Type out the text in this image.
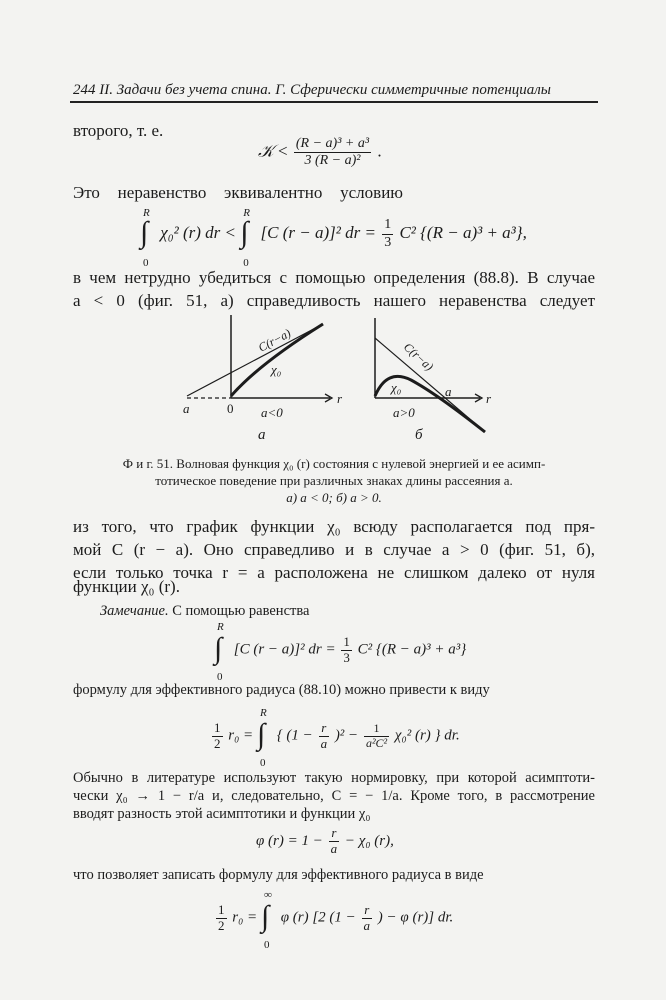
244 II. Задачи без учета спина. Г. Сферически симметричные потенциалы
второго, т. е.
𝒦 < $\frac{\text{(R − a)³ + a³}}{\text{3 (R − a)²}}$ .
Это неравенство эквивалентно условию
R
∫
0
χ₀² (r) dr <
R
∫
0
[C (r − a)]² dr = $\frac{1}{3} C^2$ {(R − a)³ + a³},
в чем нетрудно убедиться с помощью определения (88.8). В случае
a < 0 (фиг. 51, a) справедливость нашего неравенства следует
C(r−a)
χ₀
r
a	0 a<0
a
C(r−a)
χ₀	a	r
a>0
б
Ф и г. 51. Волновая функция χ₀ (r) состояния с нулевой энергией и ее асимп-
тотическое поведение при различных знаках длины рассеяния a.
а) a < 0; б) a > 0.
из того, что график функции χ₀ всюду располагается под пря-
мой C (r − a). Оно справедливо и в случае a > 0 (фиг. 51, б),
если только точка r = a расположена не слишком далеко от нуля
функции χ₀ (r).
Замечание. С помощью равенства
R
∫
0
[C (r − a)]² dr = $\frac{1}{3} C^2$ {(R − a)³ + a³}
формулу для эффективного радиуса (88.10) можно привести к виду
$\frac{1}{2} r_0$ =
R
∫
0
{ $(1 - \frac{r}{a} )^2 - \frac{1}{\text{a²C²}} \chi_0^2$ (r) } dr.
Обычно в литературе используют такую нормировку, при которой асимптоти-
чески χ₀ → 1 − r/a и, следовательно, C = − 1/a. Кроме того, в рассмотрение
вводят разность этой асимптотики и функции χ₀
φ $(r) = 1 - \frac{r}{a} - \chi_0$ (r),
что позволяет записать формулу для эффективного радиуса в виде
$\frac{1}{2} r_0$ =
∞
∫
0
φ (r) [2 ($1 - \frac{r}{a}$ ) − φ (r)] dr.
